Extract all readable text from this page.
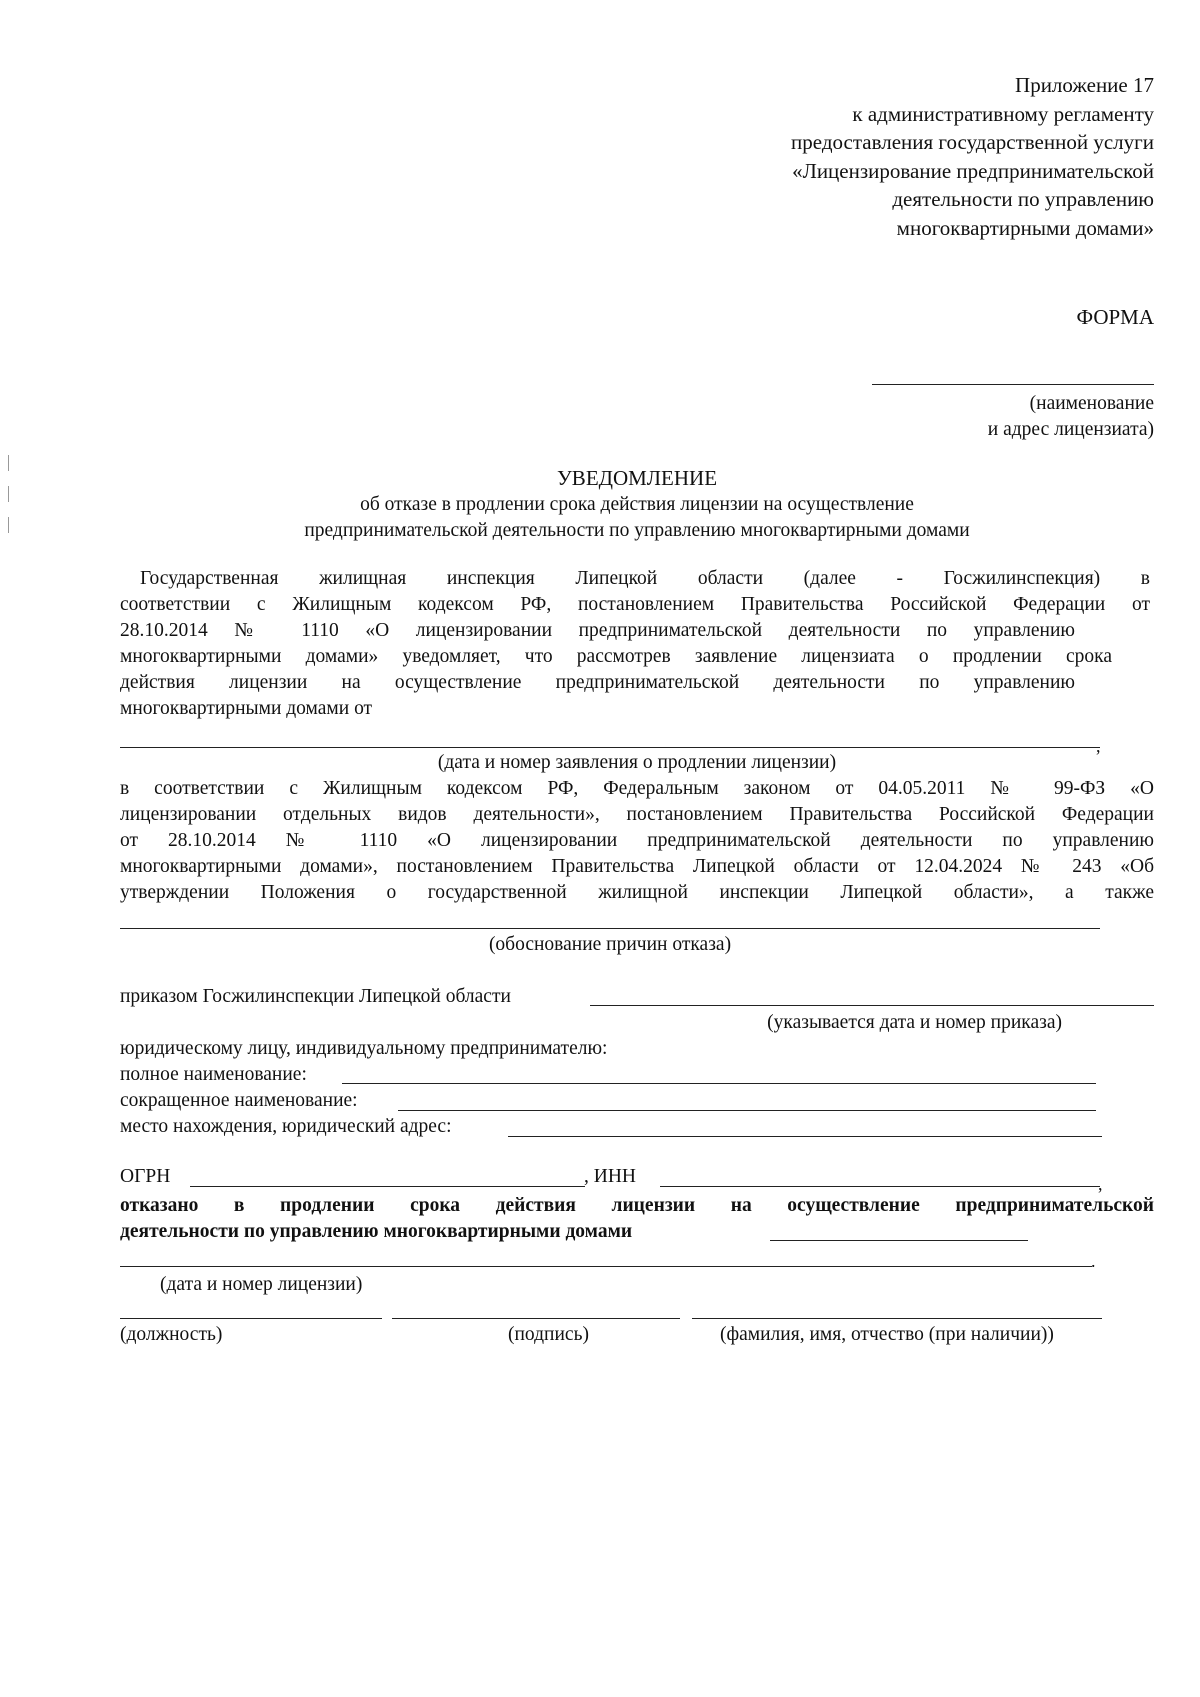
Приложение 17
к административному регламенту
предоставления государственной услуги
«Лицензирование предпринимательской
деятельности по управлению
многоквартирными домами»
ФОРМА
(наименование
и адрес лицензиата)
УВЕДОМЛЕНИЕ
об отказе в продлении срока действия лицензии на осуществление
предпринимательской деятельности по управлению многоквартирными домами
Государственная жилищная инспекция Липецкой области (далее - Госжилинспекция) в
соответствии с Жилищным кодексом РФ, постановлением Правительства Российской Федерации от
28.10.2014 № 1110 «О лицензировании предпринимательской деятельности по управлению
многоквартирными домами» уведомляет, что рассмотрев заявление лицензиата о продлении срока
действия лицензии на осуществление предпринимательской деятельности по управлению
многоквартирными домами от
,
(дата и номер заявления о продлении лицензии)
в соответствии с Жилищным кодексом РФ, Федеральным законом от 04.05.2011 № 99-ФЗ «О
лицензировании отдельных видов деятельности», постановлением Правительства Российской Федерации
от 28.10.2014 № 1110 «О лицензировании предпринимательской деятельности по управлению
многоквартирными домами», постановлением Правительства Липецкой области от 12.04.2024 № 243 «Об
утверждении Положения о государственной жилищной инспекции Липецкой области», а также
(обоснование причин отказа)
приказом Госжилинспекции Липецкой области
(указывается дата и номер приказа)
юридическому лицу, индивидуальному предпринимателю:
полное наименование:
сокращенное наименование:
место нахождения, юридический адрес:
ОГРН	, ИНН	,
отказано в продлении срока действия лицензии на осуществление предпринимательской
деятельности по управлению многоквартирными домами
.
(дата и номер лицензии)
(должность)	(подпись)	(фамилия, имя, отчество (при наличии))
